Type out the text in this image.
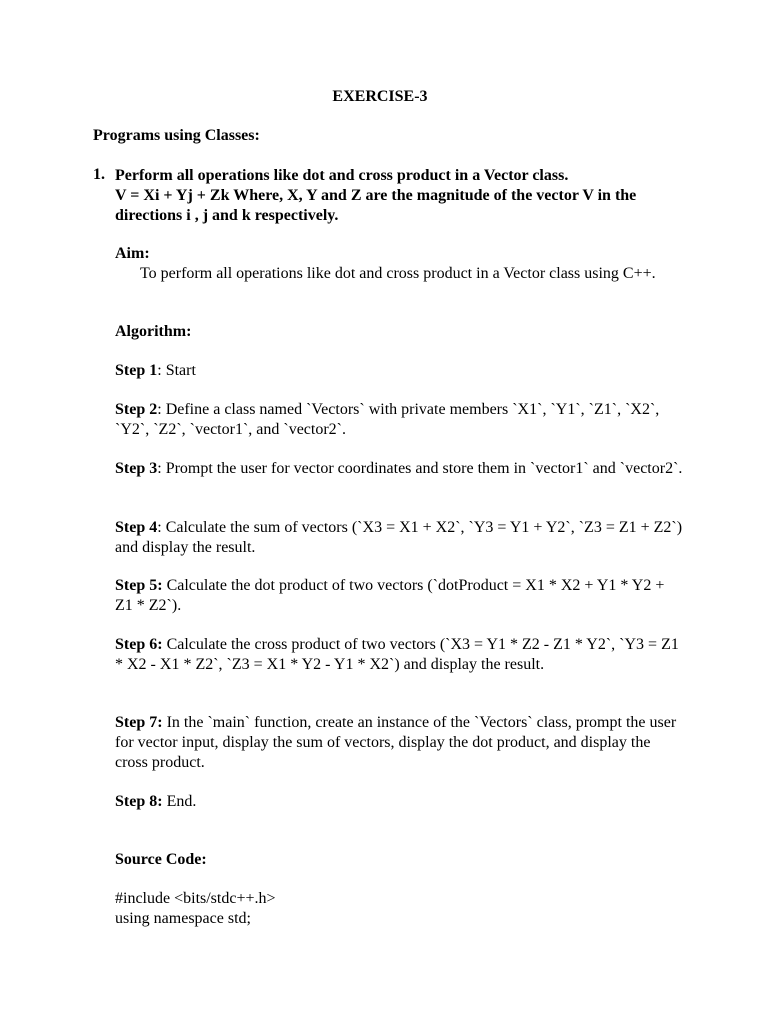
EXERCISE-3
Programs using Classes:
1. Perform all operations like dot and cross product in a Vector class.
V = Xi + Yj + Zk Where, X, Y and Z are the magnitude of the vector V in the directions i , j and k respectively.
Aim:
To perform all operations like dot and cross product in a Vector class using C++.
Algorithm:
Step 1: Start
Step 2: Define a class named `Vectors` with private members `X1`, `Y1`, `Z1`, `X2`, `Y2`, `Z2`, `vector1`, and `vector2`.
Step 3: Prompt the user for vector coordinates and store them in `vector1` and `vector2`.
Step 4: Calculate the sum of vectors (`X3 = X1 + X2`, `Y3 = Y1 + Y2`, `Z3 = Z1 + Z2`) and display the result.
Step 5: Calculate the dot product of two vectors (`dotProduct = X1 * X2 + Y1 * Y2 + Z1 * Z2`).
Step 6: Calculate the cross product of two vectors (`X3 = Y1 * Z2 - Z1 * Y2`, `Y3 = Z1 * X2 - X1 * Z2`, `Z3 = X1 * Y2 - Y1 * X2`) and display the result.
Step 7: In the `main` function, create an instance of the `Vectors` class, prompt the user for vector input, display the sum of vectors, display the dot product, and display the cross product.
Step 8: End.
Source Code:
#include <bits/stdc++.h>
using namespace std;
